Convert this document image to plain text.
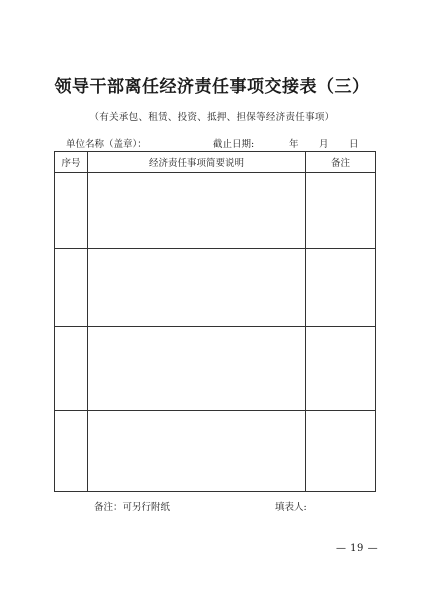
领导干部离任经济责任事项交接表（三）
（有关承包、租赁、投资、抵押、担保等经济责任事项）
单位名称（盖章）：	截止日期:	年 月 日
序号	经济责任事项简要说明	备注

备注：可另行附纸	填表人:
— 19 —
